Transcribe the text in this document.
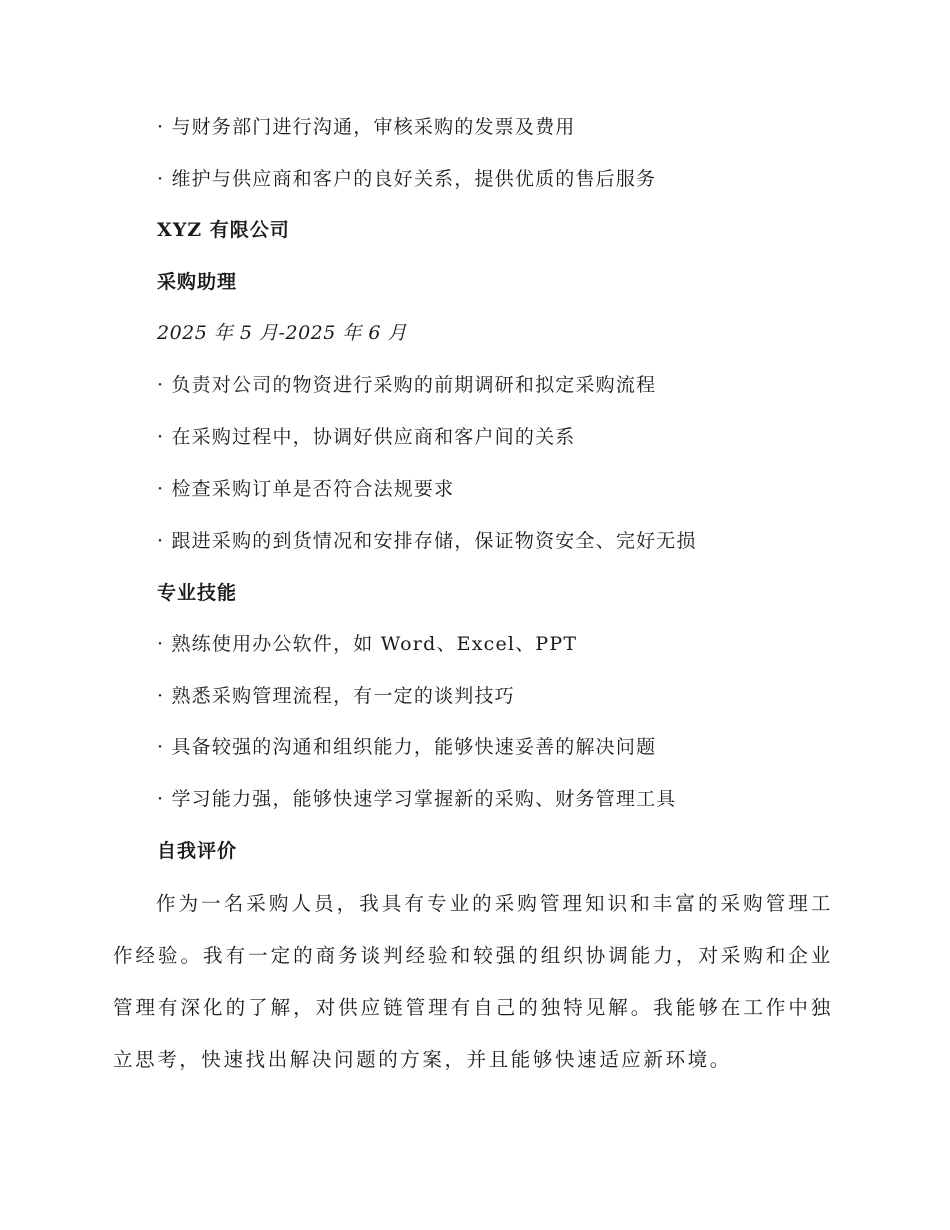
· 与财务部门进行沟通，审核采购的发票及费用
· 维护与供应商和客户的良好关系，提供优质的售后服务
XYZ 有限公司
采购助理
2025 年 5 月-2025 年 6 月
· 负责对公司的物资进行采购的前期调研和拟定采购流程
· 在采购过程中，协调好供应商和客户间的关系
· 检查采购订单是否符合法规要求
· 跟进采购的到货情况和安排存储，保证物资安全、完好无损
专业技能
· 熟练使用办公软件，如 Word、Excel、PPT
· 熟悉采购管理流程，有一定的谈判技巧
· 具备较强的沟通和组织能力，能够快速妥善的解决问题
· 学习能力强，能够快速学习掌握新的采购、财务管理工具
自我评价

作为一名采购人员，我具有专业的采购管理知识和丰富的采购管理工作经验。我有一定的商务谈判经验和较强的组织协调能力，对采购和企业管理有深化的了解，对供应链管理有自己的独特见解。我能够在工作中独立思考，快速找出解决问题的方案，并且能够快速适应新环境。
